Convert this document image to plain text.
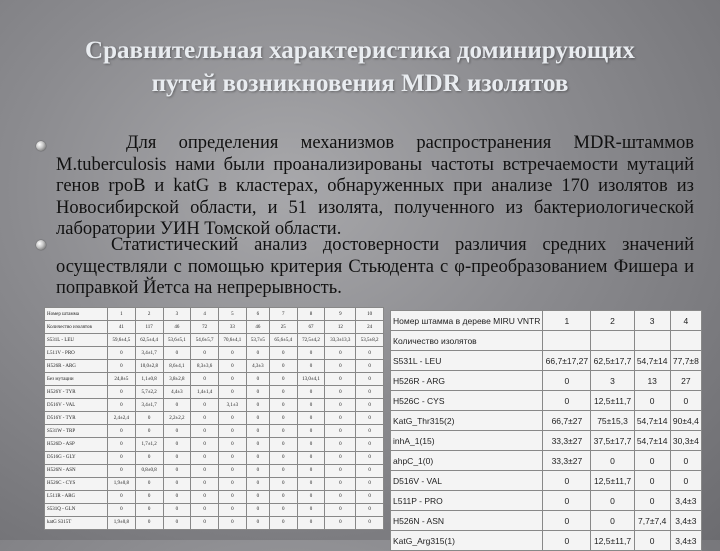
Сравнительная характеристика доминирующих
путей возникновения MDR изолятов
Для определения механизмов распространения MDR-штаммов M.tuberculosis нами были проанализированы частоты встречаемости мутаций генов rpoB и katG в кластерах, обнаруженных при анализе 170 изолятов из Новосибирской области, и 51 изолята, полученного из бактериологической лаборатории УИН Томской области.
Статистический анализ достоверности различия средних значений осуществляли с помощью критерия Стьюдента с φ-преобразованием Фишера и поправкой Йетса на непрерывность.
Номер штамма	1	2	3	4	5	6	7	8	9	10
Количество изолятов	41	117	46	72	33	46	25	67	12	24
S531L - LEU	59,6±4,5	62,5±4,4	53,6±5,1	54,6±5,7	70,6±4,1	53,7±5	65,6±5,4	72,5±4,2	33,3±13,3	53,5±8,2
L511V - PRO	0	3,4±1,7	0	0	0	0	0	0	0	0
H526R - ARG	0	10,0±2,8	8,6±4,1	8,3±3,6	0	4,3±3	0	0	0	0
Без мутации	24,8±5	1,1±0,8	3,8±2,8	0	0	0	0	13,0±4,1	0	0
H526Y - TYR	0	5,7±2,2	4,4±3	1,4±1,4	0	0	0	0	0	0
D516V - VAL	0	3,4±1,7	0	0	3,1±3	0	0	0	0	0
D516Y - TYR	2,4±2,4	0	2,2±2,2	0	0	0	0	0	0	0
S531W - TRP	0	0	0	0	0	0	0	0	0	0
H526D - ASP	0	1,7±1,2	0	0	0	0	0	0	0	0
D516G - GLY	0	0	0	0	0	0	0	0	0	0
H526N - ASN	0	0,8±0,8	0	0	0	0	0	0	0	0
H526C - CYS	1,9±0,8	0	0	0	0	0	0	0	0	0
L511R - ARG	0	0	0	0	0	0	0	0	0	0
S531Q - GLN	0	0	0	0	0	0	0	0	0	0
katG S315T	1,9±0,8	0	0	0	0	0	0	0	0	0
Номер штамма в дереве MIRU VNTR	1	2	3	4
Количество изолятов				
S531L - LEU	66,7±17,27	62,5±17,7	54,7±14	77,7±8
H526R - ARG	0	3	13	27
H526C - CYS	0	12,5±11,7	0	0
KatG_Thr315(2)	66,7±27	75±15,3	54,7±14	90±4,4
inhA_1(15)	33,3±27	37,5±17,7	54,7±14	30,3±4
ahpC_1(0)	33,3±27	0	0	0
D516V - VAL	0	12,5±11,7	0	0
L511P - PRO	0	0	0	3,4±3
H526N - ASN	0	0	7,7±7,4	3,4±3
KatG_Arg315(1)	0	12,5±11,7	0	3,4±3
